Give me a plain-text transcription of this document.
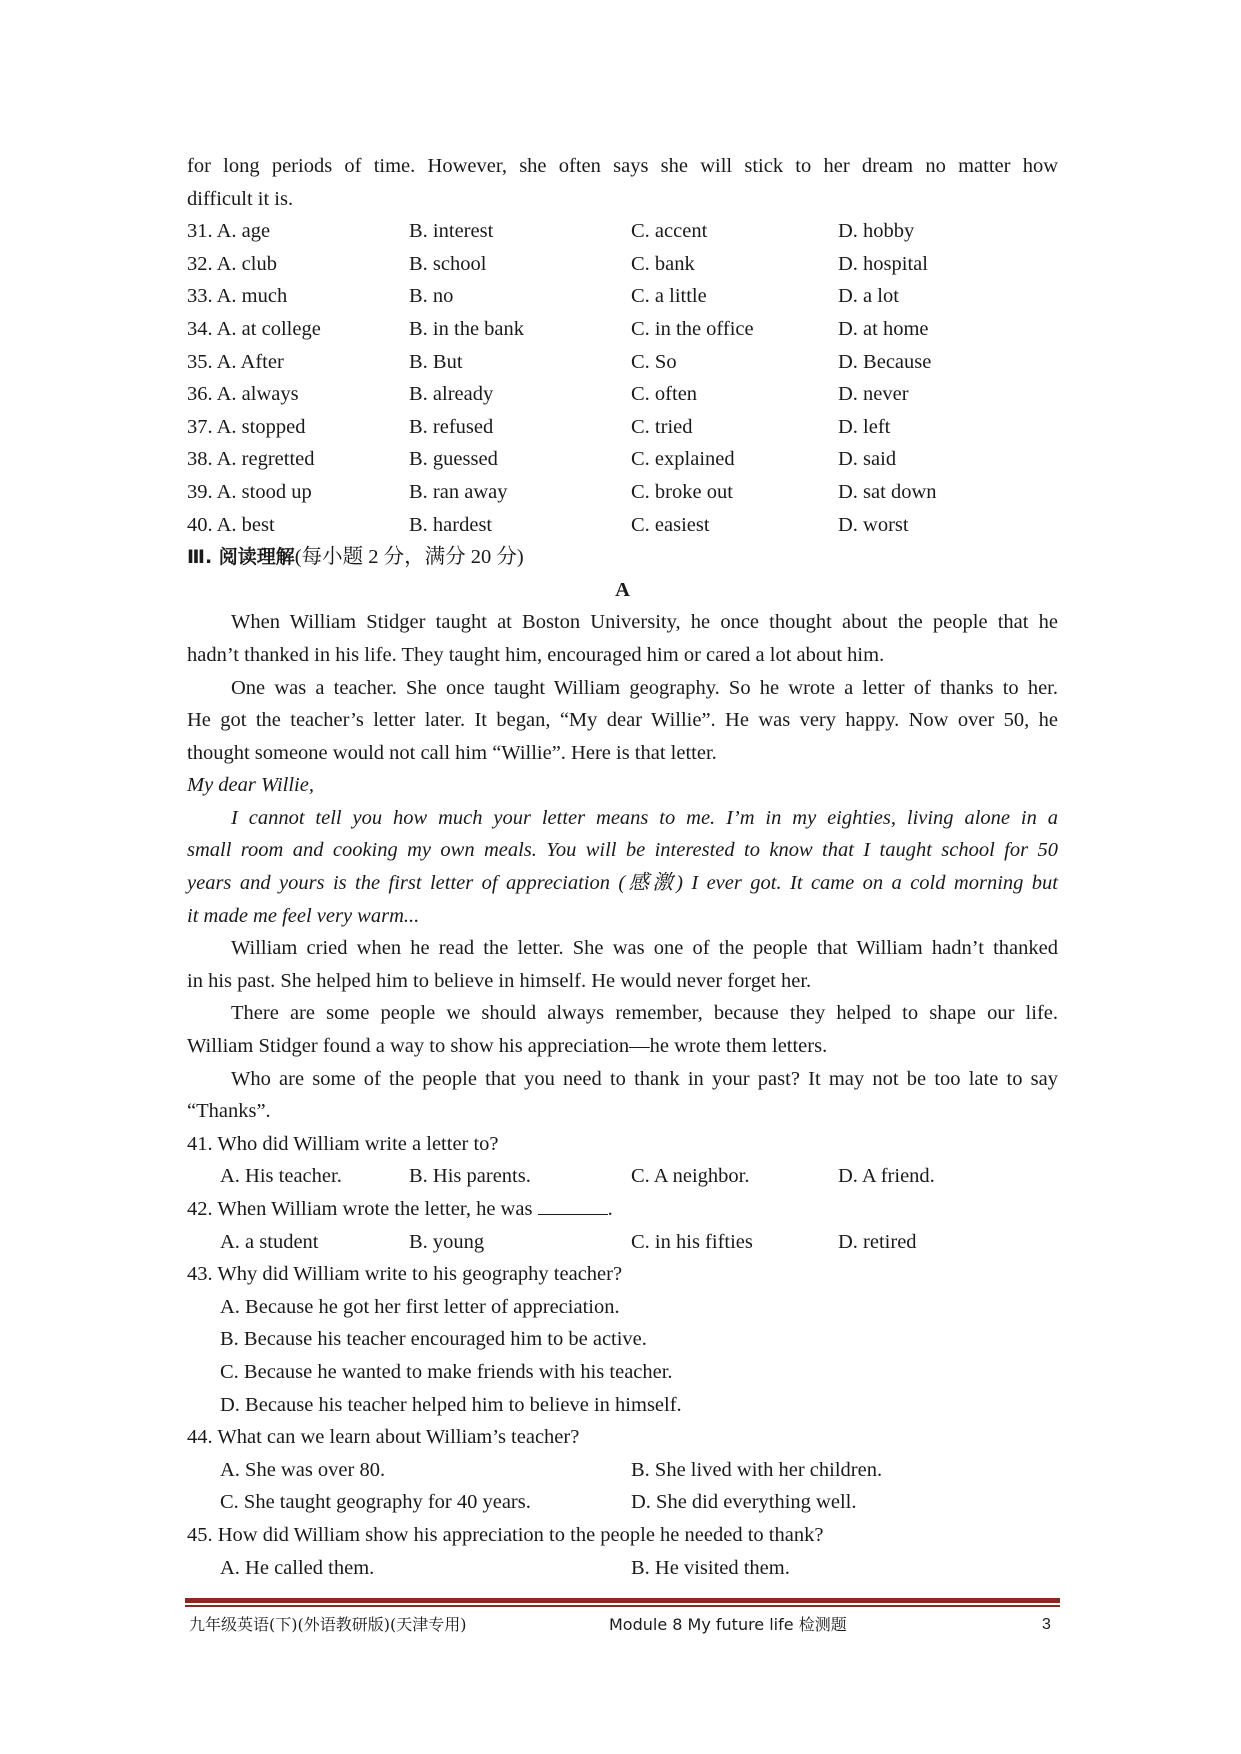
for long periods of time. However, she often says she will stick to her dream no matter how
difficult it is.
31. A. age	B. interest	C. accent	D. hobby
32. A. club	B. school	C. bank	D. hospital
33. A. much	B. no	C. a little	D. a lot
34. A. at college	B. in the bank	C. in the office	D. at home
35. A. After	B. But	C. So	D. Because
36. A. always	B. already	C. often	D. never
37. A. stopped	B. refused	C. tried	D. left
38. A. regretted	B. guessed	C. explained	D. said
39. A. stood up	B. ran away	C. broke out	D. sat down
40. A. best	B. hardest	C. easiest	D. worst
Ⅲ. 阅读理解(每小题 2 分，满分 20 分)
A
When William Stidger taught at Boston University, he once thought about the people that he
hadn’t thanked in his life. They taught him, encouraged him or cared a lot about him.
One was a teacher. She once taught William geography. So he wrote a letter of thanks to her.
He got the teacher’s letter later. It began, “My dear Willie”. He was very happy. Now over 50, he
thought someone would not call him “Willie”. Here is that letter.
My dear Willie,
I cannot tell you how much your letter means to me. I’m in my eighties, living alone in a
small room and cooking my own meals. You will be interested to know that I taught school for 50
years and yours is the first letter of appreciation (感激) I ever got. It came on a cold morning but
it made me feel very warm...
William cried when he read the letter. She was one of the people that William hadn’t thanked
in his past. She helped him to believe in himself. He would never forget her.
There are some people we should always remember, because they helped to shape our life.
William Stidger found a way to show his appreciation—he wrote them letters.
Who are some of the people that you need to thank in your past? It may not be too late to say
“Thanks”.
41. Who did William write a letter to?
A. His teacher.	B. His parents.	C. A neighbor.	D. A friend.
42. When William wrote the letter, he was	.
A. a student	B. young	C. in his fifties	D. retired
43. Why did William write to his geography teacher?
A. Because he got her first letter of appreciation.
B. Because his teacher encouraged him to be active.
C. Because he wanted to make friends with his teacher.
D. Because his teacher helped him to believe in himself.
44. What can we learn about William’s teacher?
A. She was over 80.	B. She lived with her children.
C. She taught geography for 40 years.	D. She did everything well.
45. How did William show his appreciation to the people he needed to thank?
A. He called them.	B. He visited them.
九年级英语(下)(外语教研版)(天津专用)	Module 8 My future life 检测题	3
